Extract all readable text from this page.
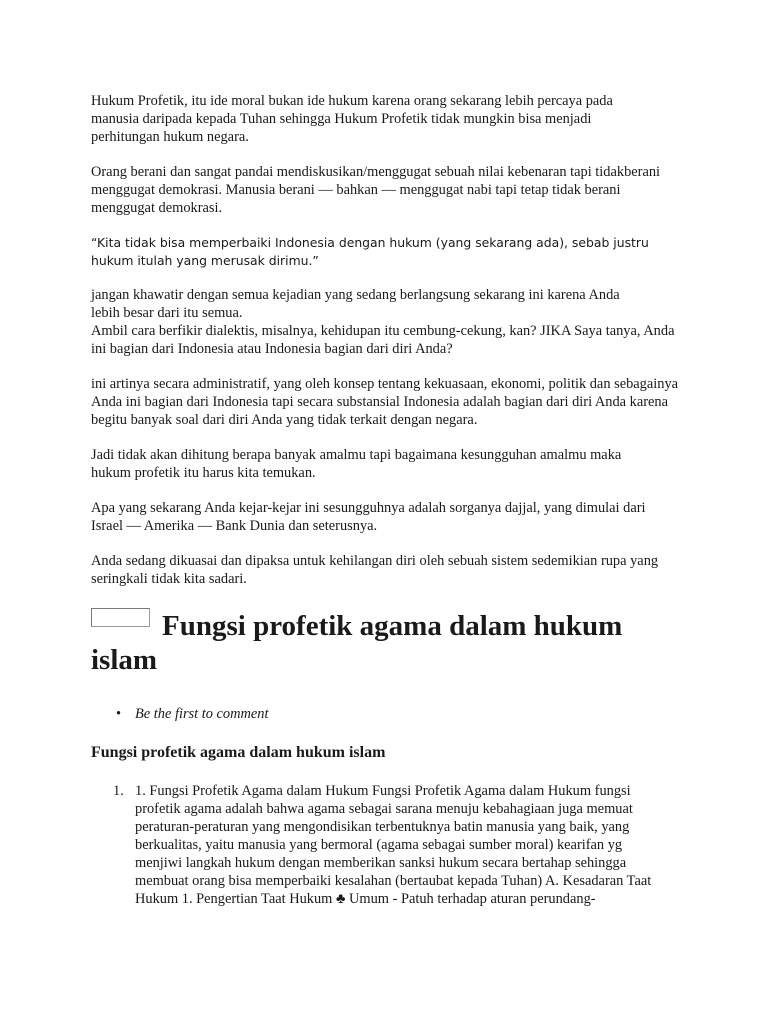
Hukum Profetik, itu ide moral bukan ide hukum karena orang sekarang lebih percaya pada manusia daripada kepada Tuhan sehingga Hukum Profetik tidak mungkin bisa menjadi perhitungan hukum negara.

Orang berani dan sangat pandai mendiskusikan/menggugat sebuah nilai kebenaran tapi tidakberani menggugat demokrasi. Manusia berani — bahkan — menggugat nabi tapi tetap tidak berani menggugat demokrasi.

“Kita tidak bisa memperbaiki Indonesia dengan hukum (yang sekarang ada), sebab justru hukum itulah yang merusak dirimu.”

jangan khawatir dengan semua kejadian yang sedang berlangsung sekarang ini karena Anda lebih besar dari itu semua.

Ambil cara berfikir dialektis, misalnya, kehidupan itu cembung-cekung, kan? JIKA Saya tanya, Anda ini bagian dari Indonesia atau Indonesia bagian dari diri Anda?

ini artinya secara administratif, yang oleh konsep tentang kekuasaan, ekonomi, politik dan sebagainya Anda ini bagian dari Indonesia tapi secara substansial Indonesia adalah bagian dari diri Anda karena begitu banyak soal dari diri Anda yang tidak terkait dengan negara.

Jadi tidak akan dihitung berapa banyak amalmu tapi bagaimana kesungguhan amalmu maka hukum profetik itu harus kita temukan.

Apa yang sekarang Anda kejar-kejar ini sesungguhnya adalah sorganya dajjal, yang dimulai dari Israel — Amerika — Bank Dunia dan seterusnya.

Anda sedang dikuasai dan dipaksa untuk kehilangan diri oleh sebuah sistem sedemikian rupa yang seringkali tidak kita sadari.

Fungsi profetik agama dalam hukum islam
• Be the first to comment
Fungsi profetik agama dalam hukum islam
1. 1. Fungsi Profetik Agama dalam Hukum Fungsi Profetik Agama dalam Hukum fungsi profetik agama adalah bahwa agama sebagai sarana menuju kebahagiaan juga memuat peraturan-peraturan yang mengondisikan terbentuknya batin manusia yang baik, yang berkualitas, yaitu manusia yang bermoral (agama sebagai sumber moral) kearifan yg menjiwi langkah hukum dengan memberikan sanksi hukum secara bertahap sehingga membuat orang bisa memperbaiki kesalahan (bertaubat kepada Tuhan) A. Kesadaran Taat Hukum 1. Pengertian Taat Hukum ♣ Umum - Patuh terhadap aturan perundang-
